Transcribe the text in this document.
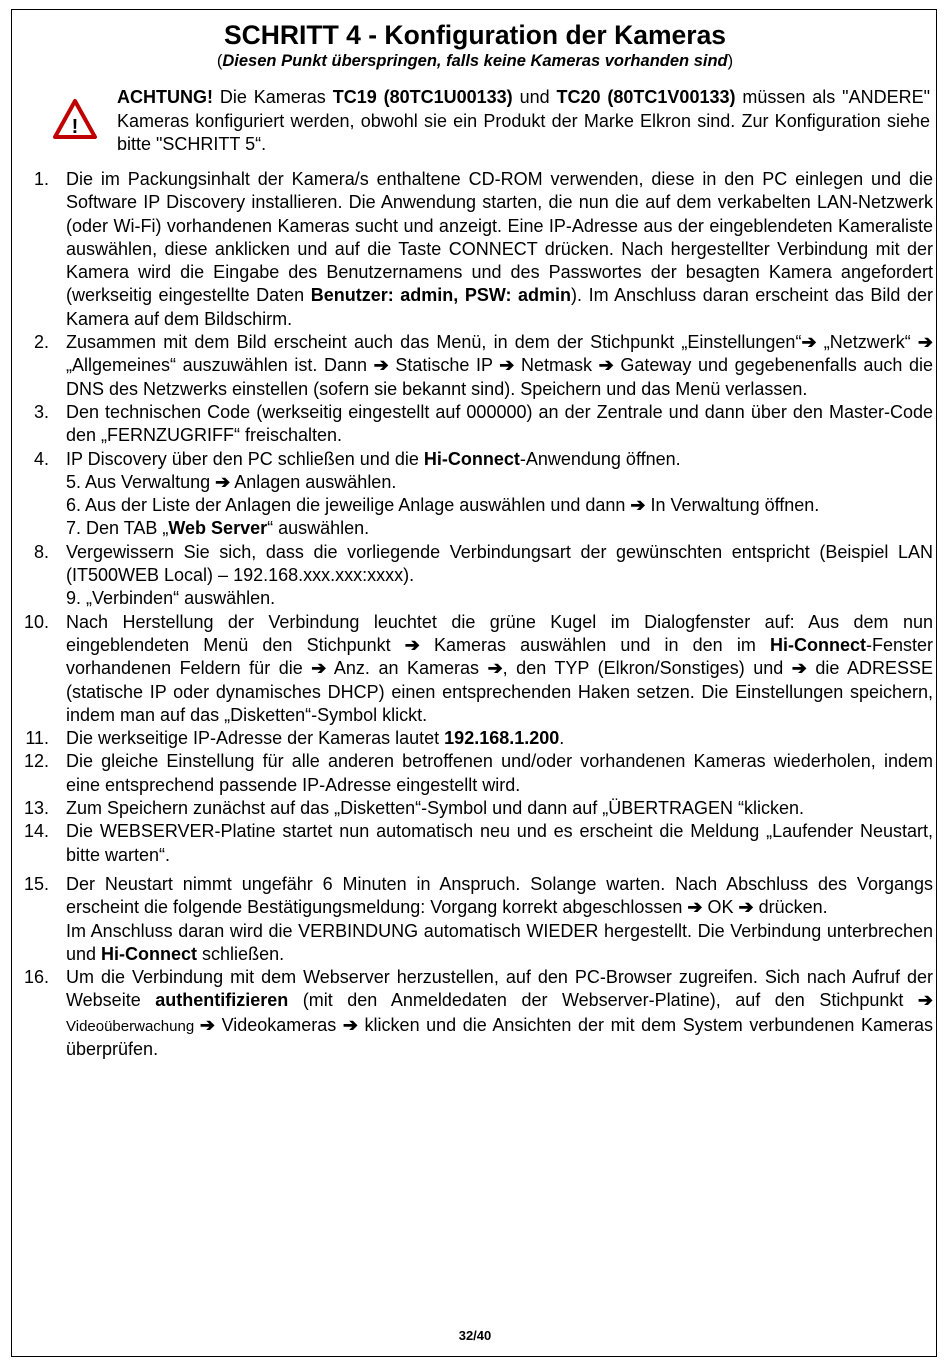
SCHRITT 4 - Konfiguration der Kameras
(Diesen Punkt überspringen, falls keine Kameras vorhanden sind)
!
ACHTUNG! Die Kameras TC19 (80TC1U00133) und TC20 (80TC1V00133) müssen als "ANDERE" Kameras konfiguriert werden, obwohl sie ein Produkt der Marke Elkron sind. Zur Konfiguration siehe bitte "SCHRITT 5“.
1. Die im Packungsinhalt der Kamera/s enthaltene CD-ROM verwenden, diese in den PC einlegen und die Software IP Discovery installieren. Die Anwendung starten, die nun die auf dem verkabelten LAN-Netzwerk (oder Wi-Fi) vorhandenen Kameras sucht und anzeigt. Eine IP-Adresse aus der eingeblendeten Kameraliste auswählen, diese anklicken und auf die Taste CONNECT drücken. Nach hergestellter Verbindung mit der Kamera wird die Eingabe des Benutzernamens und des Passwortes der besagten Kamera angefordert (werkseitig eingestellte Daten Benutzer: admin, PSW: admin). Im Anschluss daran erscheint das Bild der Kamera auf dem Bildschirm.
2. Zusammen mit dem Bild erscheint auch das Menü, in dem der Stichpunkt „Einstellungen“➔ „Netzwerk“ ➔ „Allgemeines“ auszuwählen ist. Dann ➔ Statische IP ➔ Netmask ➔ Gateway und gegebenenfalls auch die DNS des Netzwerks einstellen (sofern sie bekannt sind). Speichern und das Menü verlassen.
3. Den technischen Code (werkseitig eingestellt auf 000000) an der Zentrale und dann über den Master-Code den „FERNZUGRIFF“ freischalten.
4. IP Discovery über den PC schließen und die Hi-Connect-Anwendung öffnen.
5. Aus Verwaltung ➔ Anlagen auswählen.
6. Aus der Liste der Anlagen die jeweilige Anlage auswählen und dann ➔ In Verwaltung öffnen.
7. Den TAB „Web Server“ auswählen.
8. Vergewissern Sie sich, dass die vorliegende Verbindungsart der gewünschten entspricht (Beispiel LAN (IT500WEB Local) – 192.168.xxx.xxx:xxxx).
9. „Verbinden“ auswählen.
10. Nach Herstellung der Verbindung leuchtet die grüne Kugel im Dialogfenster auf: Aus dem nun eingeblendeten Menü den Stichpunkt ➔ Kameras auswählen und in den im Hi-Connect-Fenster vorhandenen Feldern für die ➔ Anz. an Kameras ➔, den TYP (Elkron/Sonstiges) und ➔ die ADRESSE (statische IP oder dynamisches DHCP) einen entsprechenden Haken setzen. Die Einstellungen speichern, indem man auf das „Disketten“-Symbol klickt.
11. Die werkseitige IP-Adresse der Kameras lautet 192.168.1.200.
12. Die gleiche Einstellung für alle anderen betroffenen und/oder vorhandenen Kameras wiederholen, indem eine entsprechend passende IP-Adresse eingestellt wird.
13. Zum Speichern zunächst auf das „Disketten“-Symbol und dann auf „ÜBERTRAGEN “klicken.
14. Die WEBSERVER-Platine startet nun automatisch neu und es erscheint die Meldung „Laufender Neustart, bitte warten“.
15. Der Neustart nimmt ungefähr 6 Minuten in Anspruch. Solange warten. Nach Abschluss des Vorgangs erscheint die folgende Bestätigungsmeldung: Vorgang korrekt abgeschlossen ➔ OK ➔ drücken.
Im Anschluss daran wird die VERBINDUNG automatisch WIEDER hergestellt. Die Verbindung unterbrechen und Hi-Connect schließen.
16. Um die Verbindung mit dem Webserver herzustellen, auf den PC-Browser zugreifen. Sich nach Aufruf der Webseite authentifizieren (mit den Anmeldedaten der Webserver-Platine), auf den Stichpunkt ➔ Videoüberwachung ➔ Videokameras ➔ klicken und die Ansichten der mit dem System verbundenen Kameras überprüfen.
32/40
